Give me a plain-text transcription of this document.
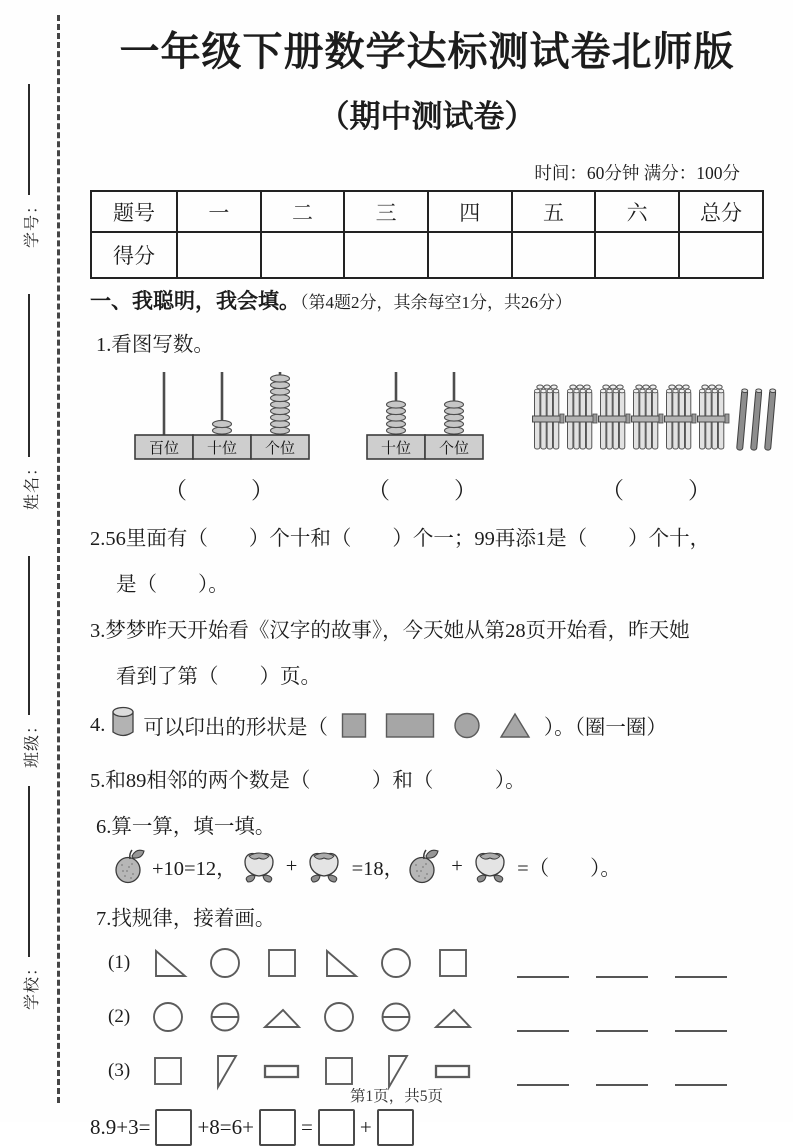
学号：
姓名：
班级：
学校：
一年级下册数学达标测试卷北师版
（期中测试卷）
时间：60分钟 满分：100分
题号	一	二	三	四	五	六	总分
得分							
一、我聪明，我会填。（第4题2分，其余每空1分，共26分）
1.看图写数。
百位 十位 个位
（　　）
十位 个位
（　　）	（　　）
2.56里面有（　　）个十和（　　）个一；99再添1是（　　）个十，
是（　　）。
3.梦梦昨天开始看《汉字的故事》，今天她从第28页开始看，昨天她
看到了第（　　）页。
4. 可以印出的形状是（	）。（圈一圈）
5.和89相邻的两个数是（　　　）和（　　　）。
6.算一算，填一填。
+10=12， + =18， + =（　　）。
7.找规律，接着画。
(1)
(2)
(3)
8.9+3= +8=6+ = +
第1页，共5页
